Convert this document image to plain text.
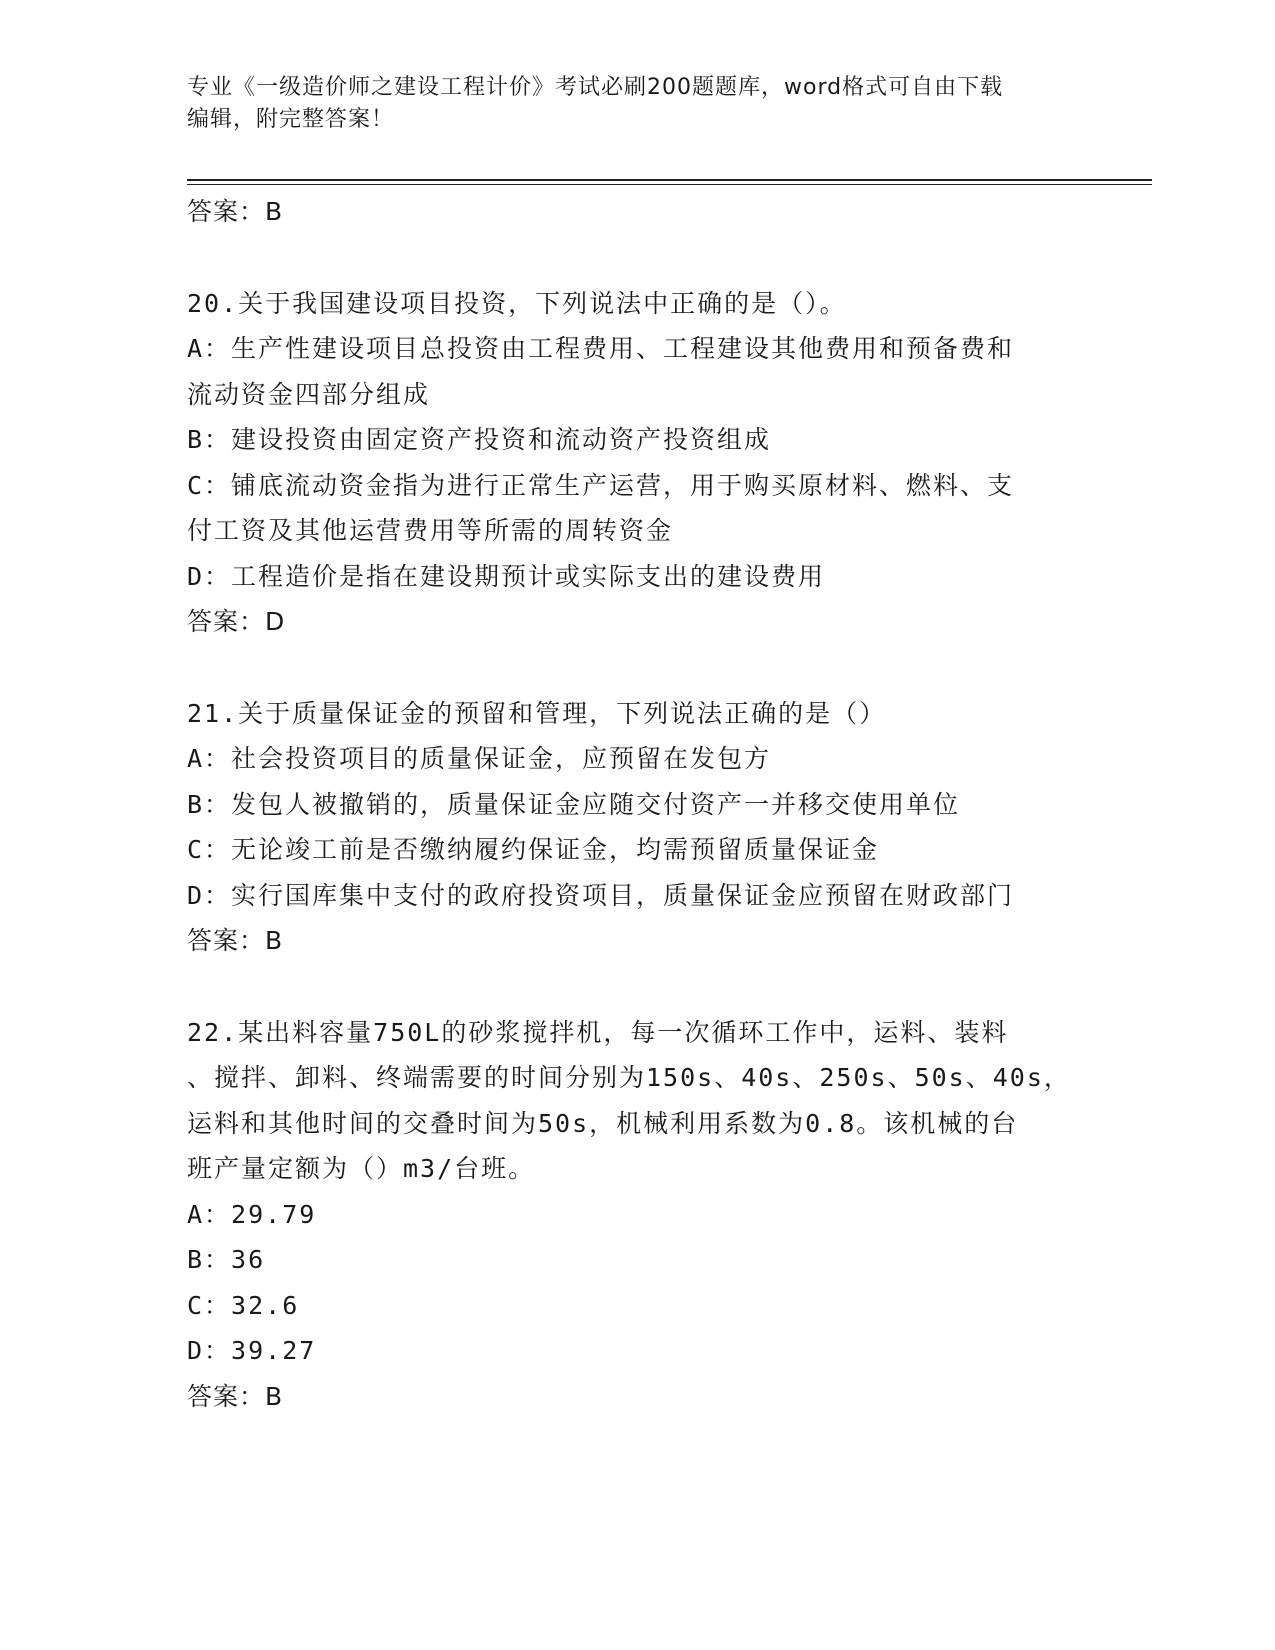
专业《一级造价师之建设工程计价》考试必刷200题题库，word格式可自由下载
编辑，附完整答案！

答案：B

20.关于我国建设项目投资，下列说法中正确的是（）。

A：生产性建设项目总投资由工程费用、工程建设其他费用和预备费和

流动资金四部分组成

B：建设投资由固定资产投资和流动资产投资组成

C：铺底流动资金指为进行正常生产运营，用于购买原材料、燃料、支

付工资及其他运营费用等所需的周转资金

D：工程造价是指在建设期预计或实际支出的建设费用

答案：D

21.关于质量保证金的预留和管理，下列说法正确的是（）

A：社会投资项目的质量保证金，应预留在发包方

B：发包人被撤销的，质量保证金应随交付资产一并移交使用单位

C：无论竣工前是否缴纳履约保证金，均需预留质量保证金

D：实行国库集中支付的政府投资项目，质量保证金应预留在财政部门

答案：B

22.某出料容量750L的砂浆搅拌机，每一次循环工作中，运料、装料

、搅拌、卸料、终端需要的时间分别为150s、40s、250s、50s、40s，

运料和其他时间的交叠时间为50s，机械利用系数为0.8。该机械的台

班产量定额为（）m3/台班。

A：29.79

B：36

C：32.6

D：39.27

答案：B
